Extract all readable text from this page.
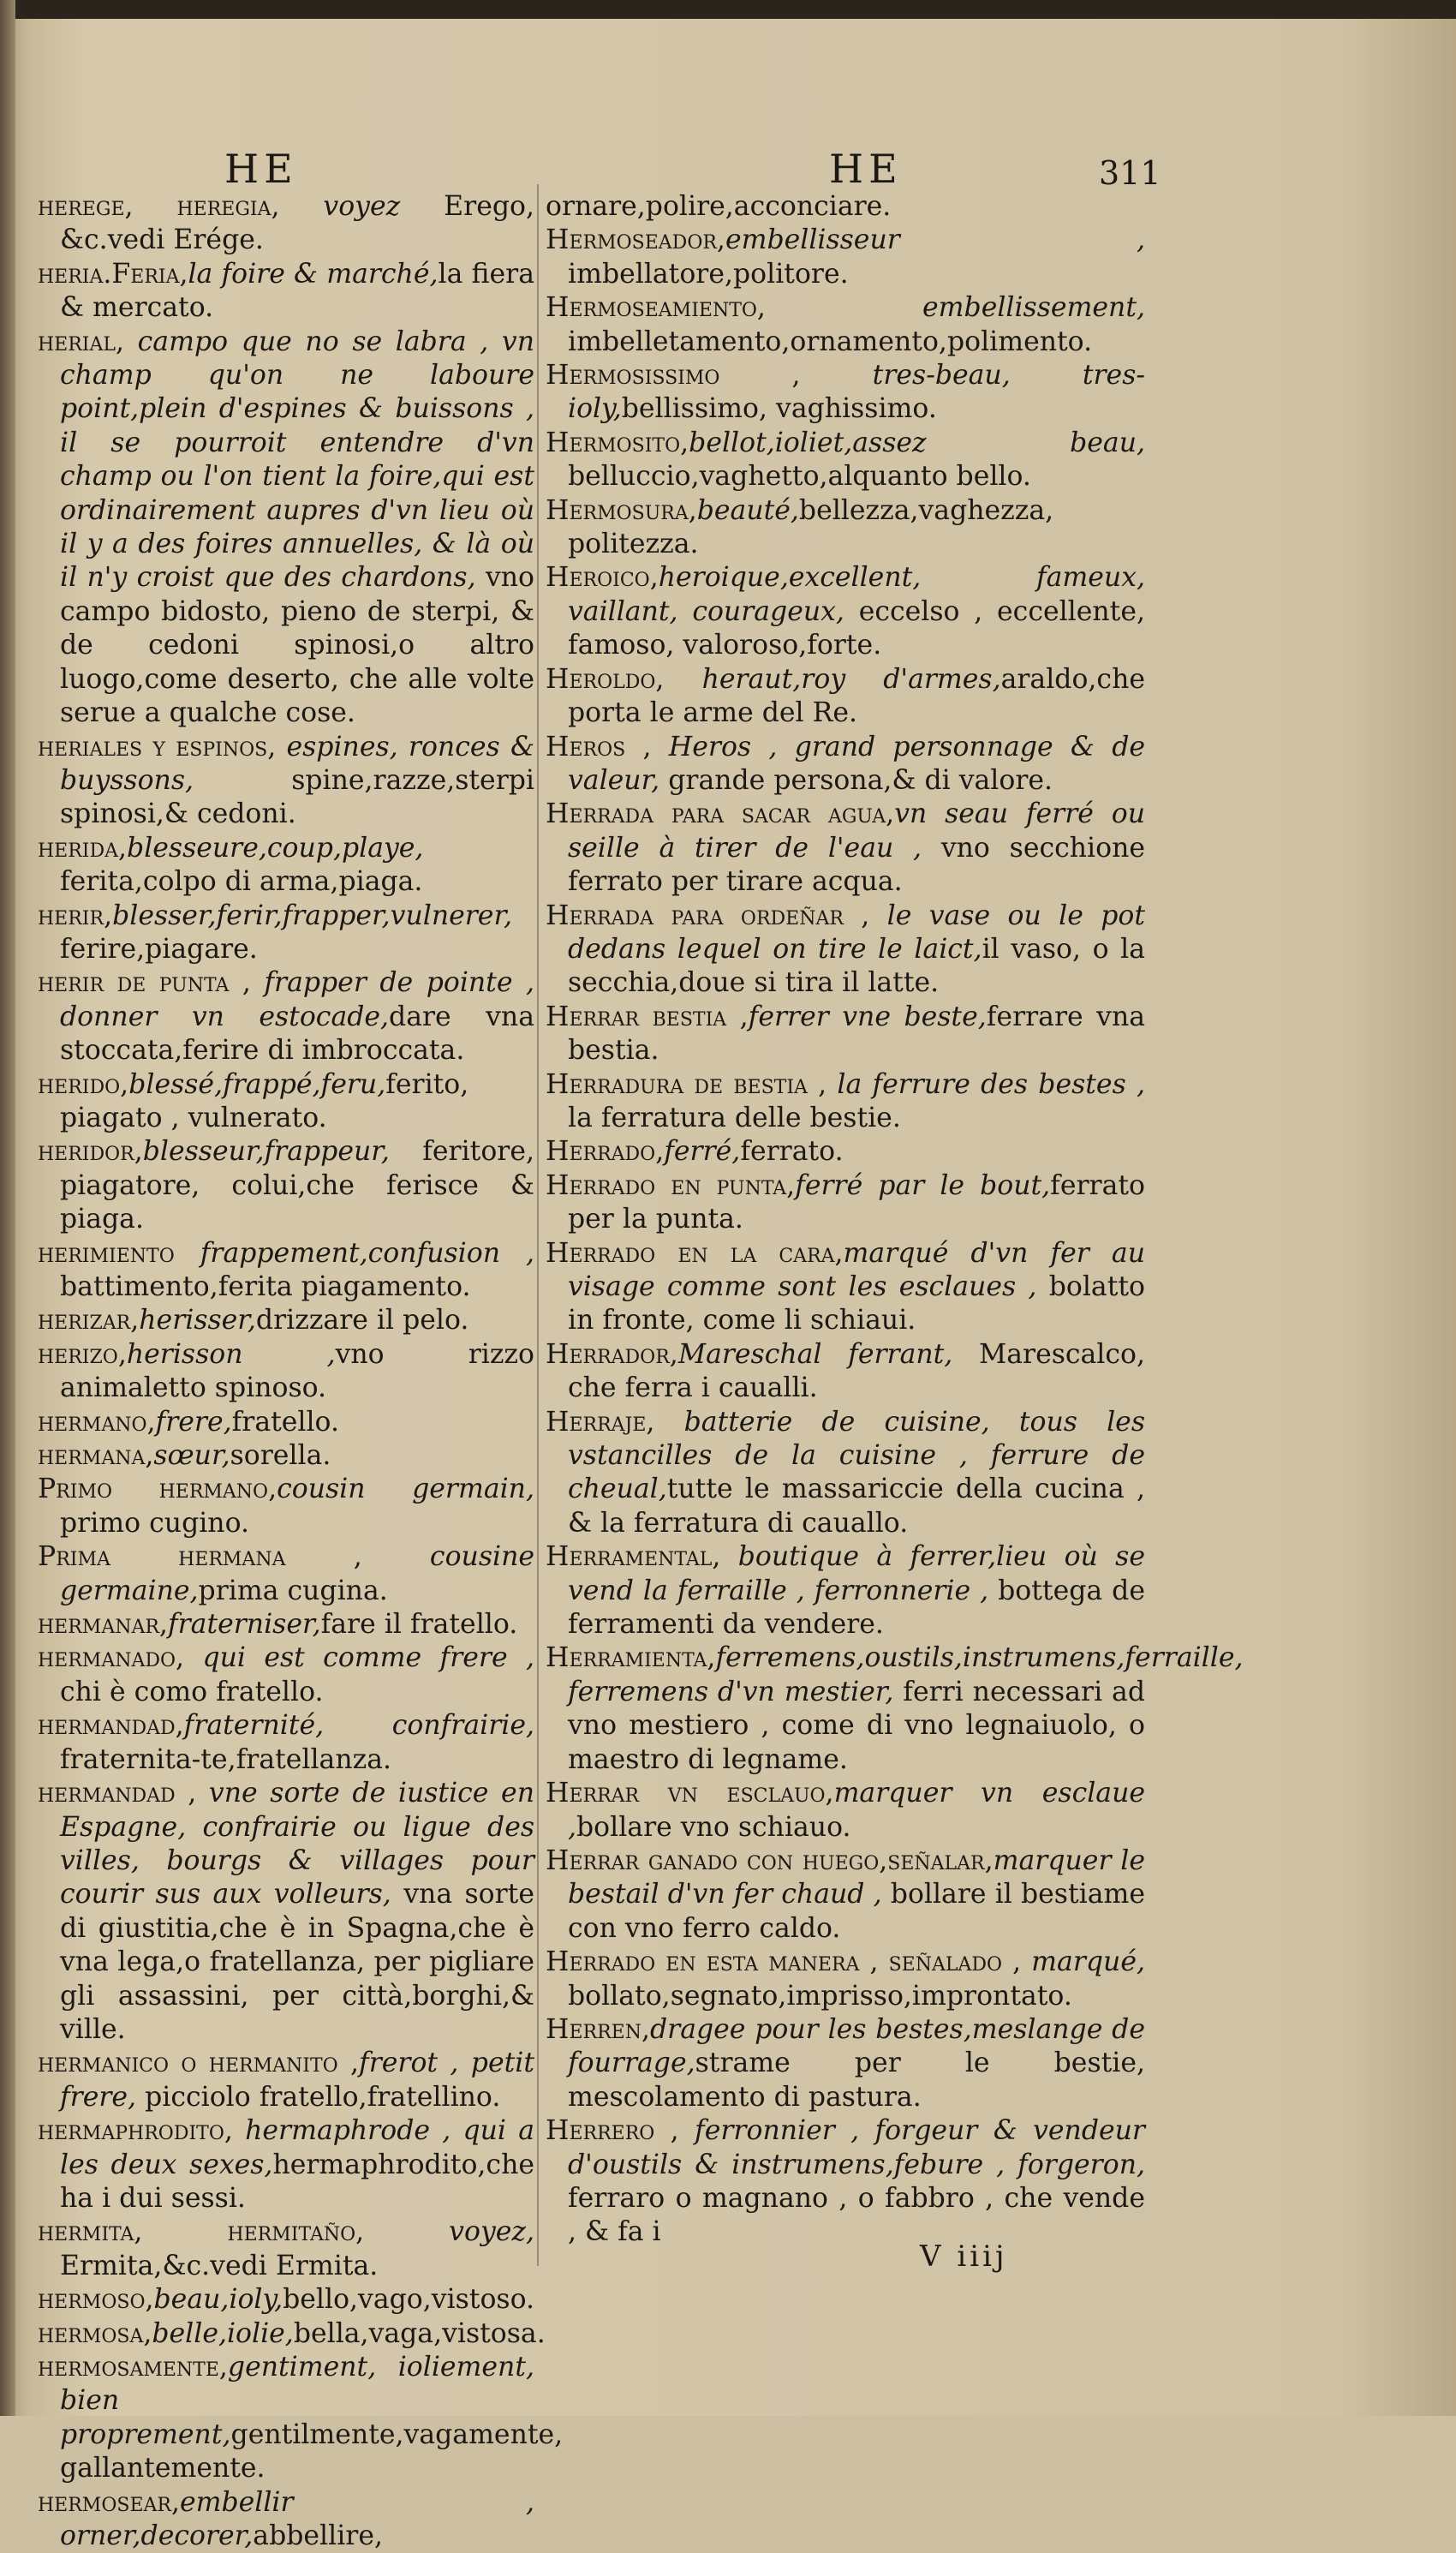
HE	HE	311

herege, heregia, voyez Erego, &c.vedi Erége.

heria.Feria,la foire & marché,la fiera & mercato.

herial, campo que no se labra , vn champ qu'on ne laboure point,plein d'espines & buissons , il se pourroit entendre d'vn champ ou l'on tient la foire,qui est ordinairement aupres d'vn lieu où il y a des foires annuelles, & là où il n'y croist que des chardons, vno campo bidosto, pieno de sterpi, & de cedoni spinosi,o altro luogo,come deserto, che alle volte serue a qualche cose.

heriales y espinos, espines, ronces & buyssons, spine,razze,sterpi spinosi,& cedoni.

herida,blesseure,coup,playe, ferita,colpo di arma,piaga.

herir,blesser,ferir,frapper,vulnerer, ferire,piagare.

herir de punta , frapper de pointe , donner vn estocade,dare vna stoccata,ferire di imbroccata.

herido,blessé,frappé,feru,ferito, piagato , vulnerato.

heridor,blesseur,frappeur, feritore, piagatore, colui,che ferisce & piaga.

herimiento frappement,confusion , battimento,ferita piagamento.

herizar,herisser,drizzare il pelo.

herizo,herisson ,vno rizzo animaletto spinoso.

hermano,frere,fratello.

hermana,sœur,sorella.

Primo hermano,cousin germain, primo cugino.

Prima hermana , cousine germaine,prima cugina.

hermanar,fraterniser,fare il fratello.

hermanado, qui est comme frere , chi è como fratello.

hermandad,fraternité, confrairie, fraternita-te,fratellanza.

hermandad , vne sorte de iustice en Espagne, confrairie ou ligue des villes, bourgs & villages pour courir sus aux volleurs, vna sorte di giustitia,che è in Spagna,che è vna lega,o fratellanza, per pigliare gli assassini, per città,borghi,& ville.

hermanico o hermanito ,frerot , petit frere, picciolo fratello,fratellino.

hermaphrodito, hermaphrode , qui a les deux sexes,hermaphrodito,che ha i dui sessi.

hermita, hermitaño, voyez, Ermita,&c.vedi Ermita.

hermoso,beau,ioly,bello,vago,vistoso.

hermosa,belle,iolie,bella,vaga,vistosa.

hermosamente,gentiment, ioliement, bien proprement,gentilmente,vagamente, gallantemente.

hermosear,embellir , orner,decorer,abbellire,

ornare,polire,acconciare.

Hermoseador,embellisseur , imbellatore,politore.

Hermoseamiento, embellissement, imbelletamento,ornamento,polimento.

Hermosissimo , tres-beau, tres-ioly,bellissimo, vaghissimo.

Hermosito,bellot,ioliet,assez beau, belluccio,vaghetto,alquanto bello.

Hermosura,beauté,bellezza,vaghezza, politezza.

Heroico,heroique,excellent, fameux, vaillant, courageux, eccelso , eccellente, famoso, valoroso,forte.

Heroldo, heraut,roy d'armes,araldo,che porta le arme del Re.

Heros , Heros , grand personnage & de valeur, grande persona,& di valore.

Herrada para sacar agua,vn seau ferré ou seille à tirer de l'eau , vno secchione ferrato per tirare acqua.

Herrada para ordeñar , le vase ou le pot dedans lequel on tire le laict,il vaso, o la secchia,doue si tira il latte.

Herrar bestia ,ferrer vne beste,ferrare vna bestia.

Herradura de bestia , la ferrure des bestes , la ferratura delle bestie.

Herrado,ferré,ferrato.

Herrado en punta,ferré par le bout,ferrato per la punta.

Herrado en la cara,marqué d'vn fer au visage comme sont les esclaues , bolatto in fronte, come li schiaui.

Herrador,Mareschal ferrant, Marescalco, che ferra i caualli.

Herraje, batterie de cuisine, tous les vstancilles de la cuisine , ferrure de cheual,tutte le massariccie della cucina , & la ferratura di cauallo.

Herramental, boutique à ferrer,lieu où se vend la ferraille , ferronnerie , bottega de ferramenti da vendere.

Herramienta,ferremens,oustils,instrumens,ferraille, ferremens d'vn mestier, ferri necessari ad vno mestiero , come di vno legnaiuolo, o maestro di legname.

Herrar vn esclauo,marquer vn esclaue ,bollare vno schiauo.

Herrar ganado con huego,señalar,marquer le bestail d'vn fer chaud , bollare il bestiame con vno ferro caldo.

Herrado en esta manera , señalado , marqué, bollato,segnato,imprisso,improntato.

Herren,dragee pour les bestes,meslange de fourrage,strame per le bestie, mescolamento di pastura.

Herrero , ferronnier , forgeur & vendeur d'oustils & instrumens,febure , forgeron, ferraro o magnano , o fabbro , che vende , & fa i

V iiij
